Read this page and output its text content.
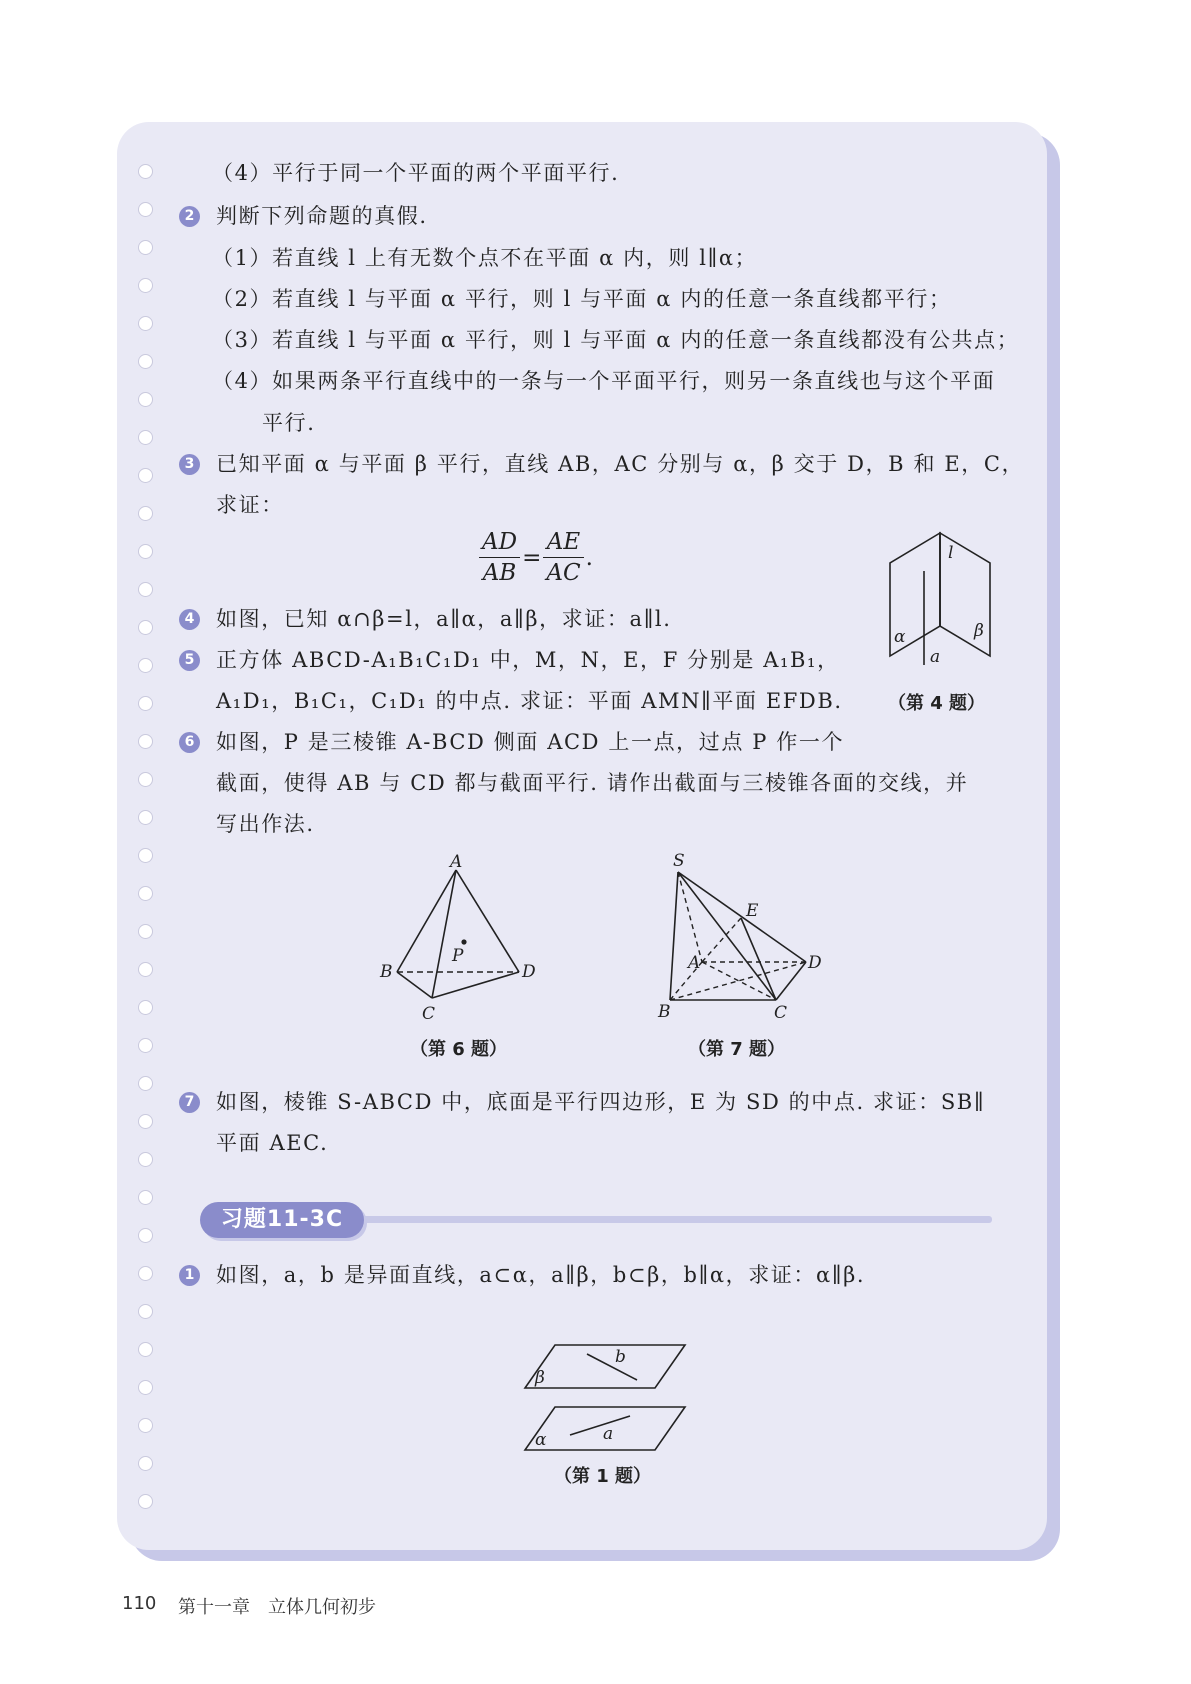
（4）平行于同一个平面的两个平面平行.
2 判断下列命题的真假.
（1）若直线 l 上有无数个点不在平面 α 内，则 l∥α；
（2）若直线 l 与平面 α 平行，则 l 与平面 α 内的任意一条直线都平行；
（3）若直线 l 与平面 α 平行，则 l 与平面 α 内的任意一条直线都没有公共点；
（4）如果两条平行直线中的一条与一个平面平行，则另一条直线也与这个平面
平行.
3 已知平面 α 与平面 β 平行，直线 AB，AC 分别与 α，β 交于 D，B 和 E，C，
求证：
$\frac{AD}{AB} = \frac{AE}{AC}$ .
4 如图，已知 α∩β=l，a∥α，a∥β，求证：a∥l.
5 正方体 ABCD-A₁B₁C₁D₁ 中，M，N，E，F 分别是 A₁B₁，
A₁D₁，B₁C₁，C₁D₁ 的中点. 求证：平面 AMN∥平面 EFDB.
6 如图，P 是三棱锥 A-BCD 侧面 ACD 上一点，过点 P 作一个
截面，使得 AB 与 CD 都与截面平行. 请作出截面与三棱锥各面的交线，并
写出作法.
l
α	β
a
（第 4 题）
A
B
C
D
P
（第 6 题）
S
E
A	D
B	C
（第 7 题）
7 如图，棱锥 S-ABCD 中，底面是平行四边形，E 为 SD 的中点. 求证：SB∥
平面 AEC.
习题11-3C
1 如图，a，b 是异面直线，a⊂α，a∥β，b⊂β，b∥α，求证：α∥β.
β
b
α	a
（第 1 题）
110 第十一章 立体几何初步
